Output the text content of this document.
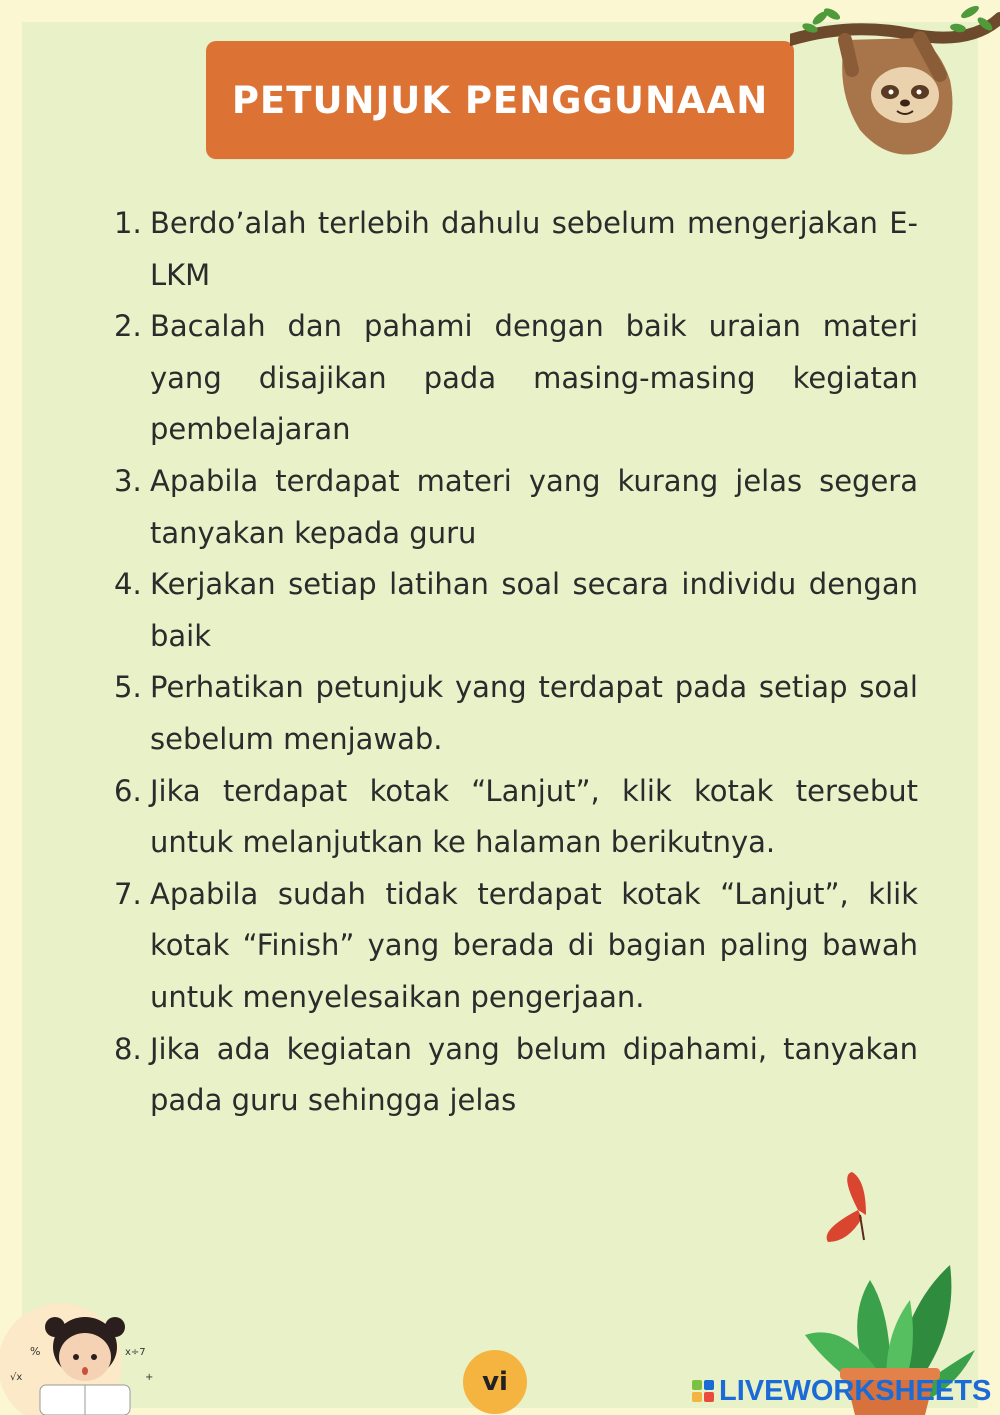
PETUNJUK PENGGUNAAN
1. Berdo’alah terlebih dahulu sebelum mengerjakan E-LKM
2. Bacalah dan pahami dengan baik uraian materi yang disajikan pada masing-masing kegiatan pembelajaran
3. Apabila terdapat materi yang kurang jelas segera tanyakan kepada guru
4. Kerjakan setiap latihan soal secara individu dengan baik
5. Perhatikan petunjuk yang terdapat pada setiap soal sebelum menjawab.
6. Jika terdapat kotak “Lanjut”, klik kotak tersebut untuk melanjutkan ke halaman berikutnya.
7. Apabila sudah tidak terdapat kotak “Lanjut”, klik kotak “Finish” yang berada di bagian paling bawah untuk menyelesaikan pengerjaan.
8. Jika ada kegiatan yang belum dipahami, tanyakan pada guru sehingga jelas
%
√x
x÷7
+	vi	LIVEWORKSHEETS
